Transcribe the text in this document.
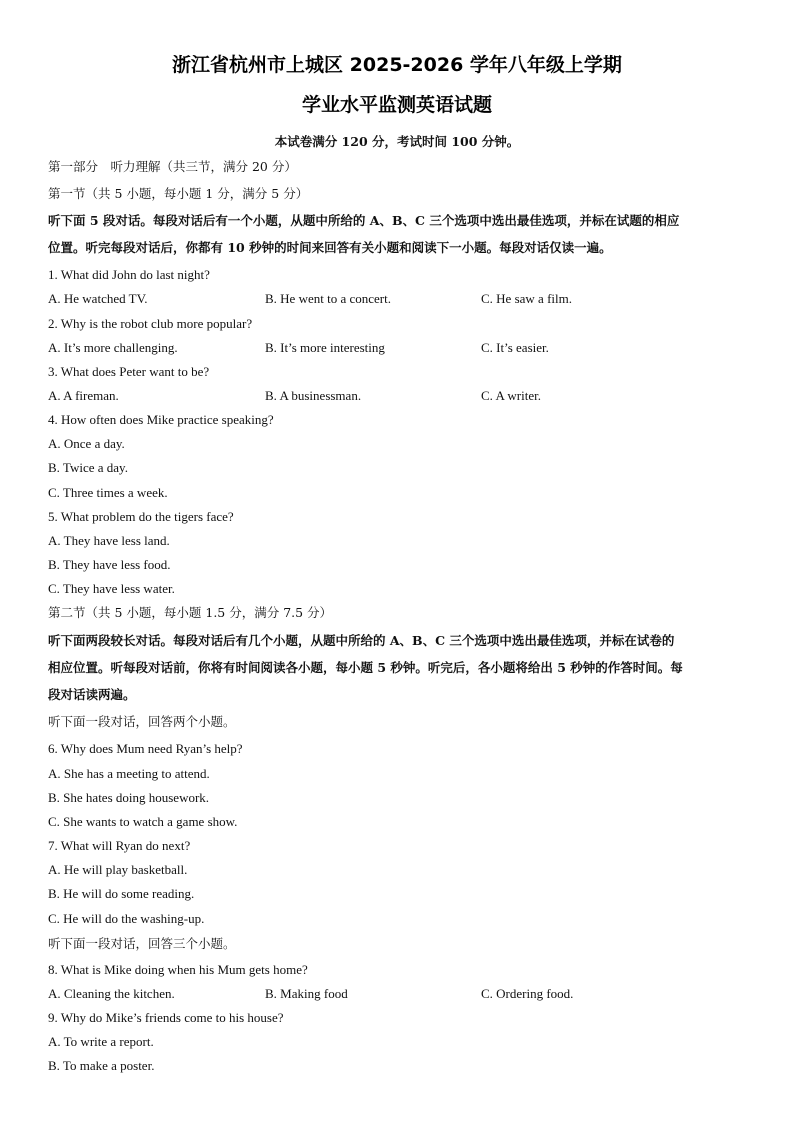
浙江省杭州市上城区 2025-2026 学年八年级上学期
学业水平监测英语试题
本试卷满分 120 分，考试时间 100 分钟。
第一部分　听力理解（共三节，满分 20 分）
第一节（共 5 小题，每小题 1 分，满分 5 分）
听下面 5 段对话。每段对话后有一个小题，从题中所给的 A、B、C 三个选项中选出最佳选项，并标在试题的相应
位置。听完每段对话后，你都有 10 秒钟的时间来回答有关小题和阅读下一小题。每段对话仅读一遍。
1. What did John do last night?
A. He watched TV.	B. He went to a concert.	C. He saw a film.
2. Why is the robot club more popular?
A. It’s more challenging.	B. It’s more interesting	C. It’s easier.
3. What does Peter want to be?
A. A fireman.	B. A businessman.	C. A writer.
4. How often does Mike practice speaking?
A. Once a day.
B. Twice a day.
C. Three times a week.
5. What problem do the tigers face?
A. They have less land.
B. They have less food.
C. They have less water.
第二节（共 5 小题，每小题 1.5 分，满分 7.5 分）
听下面两段较长对话。每段对话后有几个小题，从题中所给的 A、B、C 三个选项中选出最佳选项，并标在试卷的
相应位置。听每段对话前，你将有时间阅读各小题，每小题 5 秒钟。听完后，各小题将给出 5 秒钟的作答时间。每
段对话读两遍。
听下面一段对话，回答两个小题。
6. Why does Mum need Ryan’s help?
A. She has a meeting to attend.
B. She hates doing housework.
C. She wants to watch a game show.
7. What will Ryan do next?
A. He will play basketball.
B. He will do some reading.
C. He will do the washing-up.
听下面一段对话，回答三个小题。
8. What is Mike doing when his Mum gets home?
A. Cleaning the kitchen.	B. Making food	C. Ordering food.
9. Why do Mike’s friends come to his house?
A. To write a report.
B. To make a poster.
